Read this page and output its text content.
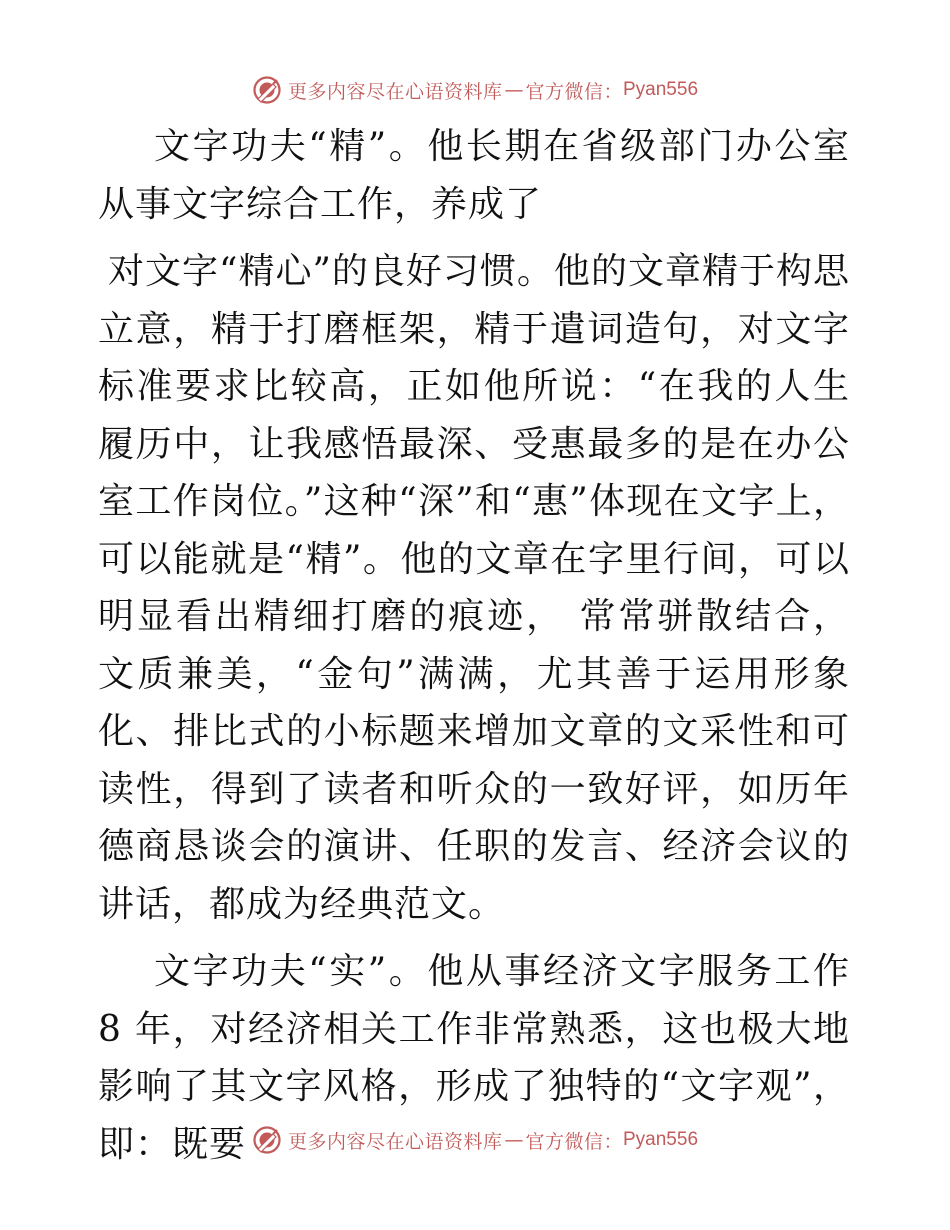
更多内容尽在心语资料库 — 官方微信： Pyan556

文字功夫“精”。他长期在省级部门办公室从事文字综合工作，养成了

对文字“精心”的良好习惯。他的文章精于构思立意，精于打磨框架，精于遣词造句，对文字标准要求比较高，正如他所说：“在我的人生履历中，让我感悟最深、受惠最多的是在办公室工作岗位。”这种“深”和“惠”体现在文字上，可以能就是“精”。他的文章在字里行间，可以明显看出精细打磨的痕迹， 常常骈散结合，文质兼美，“金句”满满，尤其善于运用形象化、排比式的小标题来增加文章的文采性和可读性，得到了读者和听众的一致好评，如历年德商恳谈会的演讲、任职的发言、经济会议的讲话，都成为经典范文。

文字功夫“实”。他从事经济文字服务工作 8 年，对经济相关工作非常熟悉，这也极大地影响了其文字风格，形成了独特的“文字观”，即：既要	更多内容尽在心语资料库 — 官方微信： Pyan556
